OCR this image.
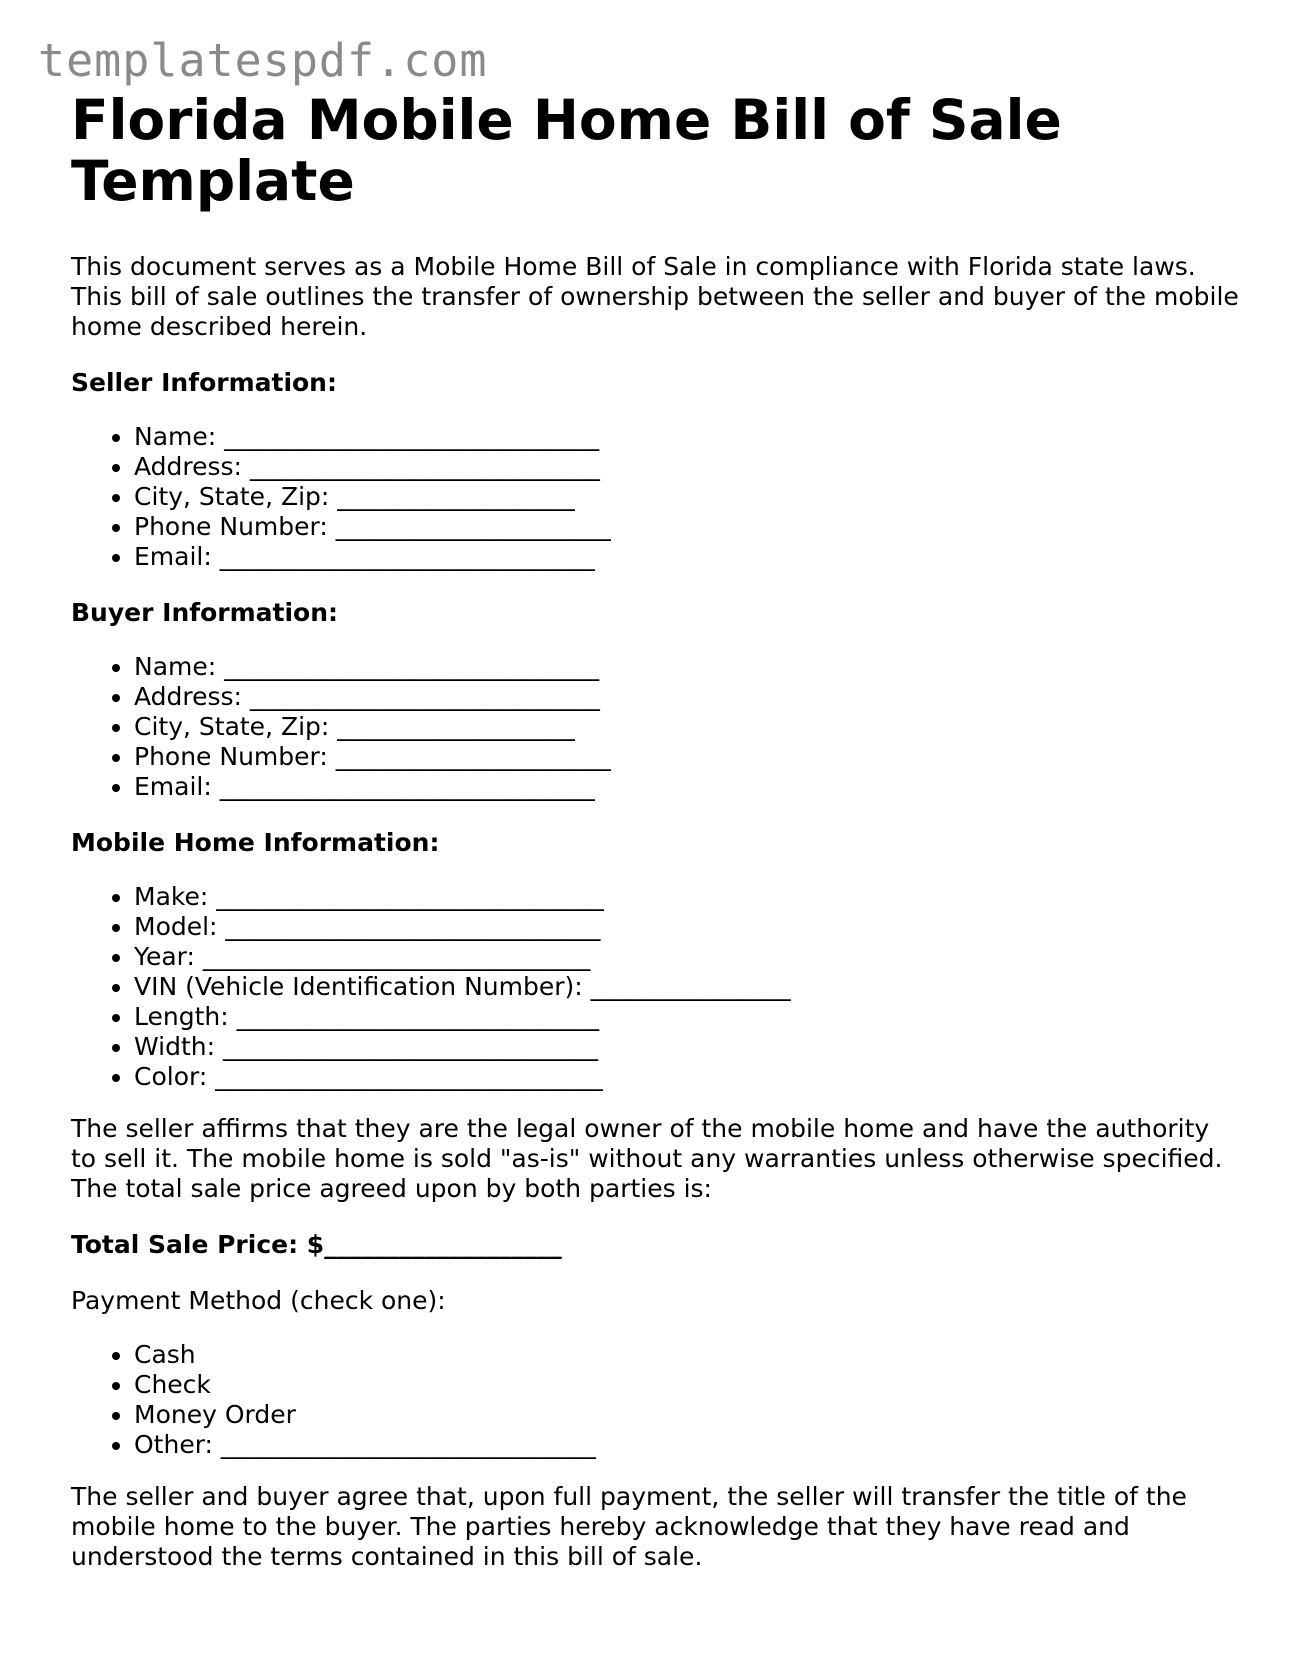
templatespdf.com
Florida Mobile Home Bill of Sale
Template

This document serves as a Mobile Home Bill of Sale in compliance with Florida state laws. This bill of sale outlines the transfer of ownership between the seller and buyer of the mobile home described herein.

Seller Information:

• Name: ______________________________
• Address: ____________________________
• City, State, Zip: ___________________
• Phone Number: ______________________
• Email: ______________________________

Buyer Information:

• Name: ______________________________
• Address: ____________________________
• City, State, Zip: ___________________
• Phone Number: ______________________
• Email: ______________________________

Mobile Home Information:

• Make: _______________________________
• Model: ______________________________
• Year: _______________________________
• VIN (Vehicle Identification Number): ________________
• Length: _____________________________
• Width: ______________________________
• Color: _______________________________

The seller affirms that they are the legal owner of the mobile home and have the authority to sell it. The mobile home is sold "as-is" without any warranties unless otherwise specified. The total sale price agreed upon by both parties is:

Total Sale Price: $___________________

Payment Method (check one):

• Cash
• Check
• Money Order
• Other: ______________________________

The seller and buyer agree that, upon full payment, the seller will transfer the title of the mobile home to the buyer. The parties hereby acknowledge that they have read and understood the terms contained in this bill of sale.
